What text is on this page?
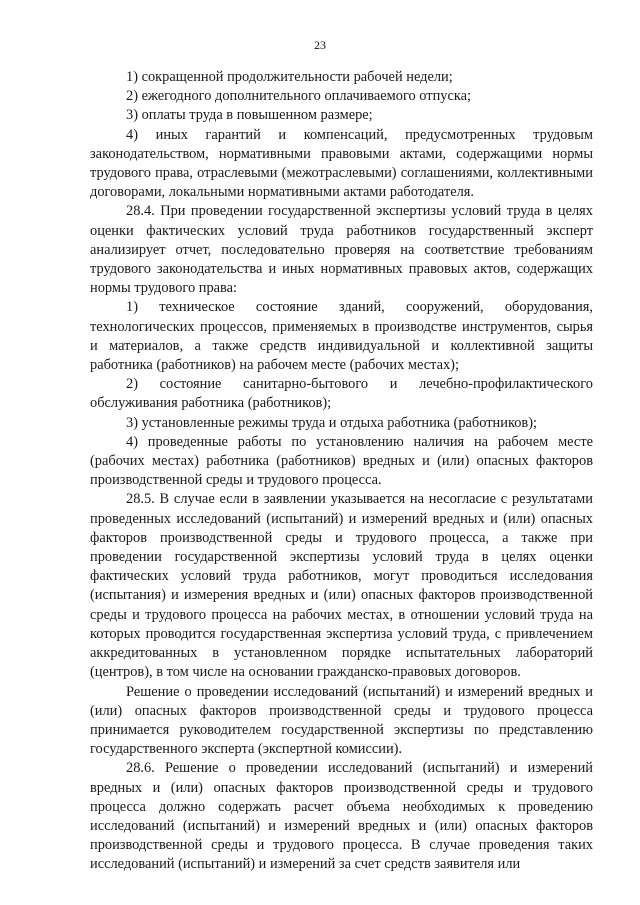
23

1) сокращенной продолжительности рабочей недели;

2) ежегодного дополнительного оплачиваемого отпуска;

3) оплаты труда в повышенном размере;

4) иных гарантий и компенсаций, предусмотренных трудовым законодательством, нормативными правовыми актами, содержащими нормы трудового права, отраслевыми (межотраслевыми) соглашениями, коллективными договорами, локальными нормативными актами работодателя.

28.4. При проведении государственной экспертизы условий труда в целях оценки фактических условий труда работников государственный эксперт анализирует отчет, последовательно проверяя на соответствие требованиям трудового законодательства и иных нормативных правовых актов, содержащих нормы трудового права:

1) техническое состояние зданий, сооружений, оборудования, технологических процессов, применяемых в производстве инструментов, сырья и материалов, а также средств индивидуальной и коллективной защиты работника (работников) на рабочем месте (рабочих местах);

2) состояние санитарно-бытового и лечебно-профилактического обслуживания работника (работников);

3) установленные режимы труда и отдыха работника (работников);

4) проведенные работы по установлению наличия на рабочем месте (рабочих местах) работника (работников) вредных и (или) опасных факторов производственной среды и трудового процесса.

28.5. В случае если в заявлении указывается на несогласие с результатами проведенных исследований (испытаний) и измерений вредных и (или) опасных факторов производственной среды и трудового процесса, а также при проведении государственной экспертизы условий труда в целях оценки фактических условий труда работников, могут проводиться исследования (испытания) и измерения вредных и (или) опасных факторов производственной среды и трудового процесса на рабочих местах, в отношении условий труда на которых проводится государственная экспертиза условий труда, с привлечением аккредитованных в установленном порядке испытательных лабораторий (центров), в том числе на основании гражданско-правовых договоров.

Решение о проведении исследований (испытаний) и измерений вредных и (или) опасных факторов производственной среды и трудового процесса принимается руководителем государственной экспертизы по представлению государственного эксперта (экспертной комиссии).

28.6. Решение о проведении исследований (испытаний) и измерений вредных и (или) опасных факторов производственной среды и трудового процесса должно содержать расчет объема необходимых к проведению исследований (испытаний) и измерений вредных и (или) опасных факторов производственной среды и трудового процесса. В случае проведения таких исследований (испытаний) и измерений за счет средств заявителя или
